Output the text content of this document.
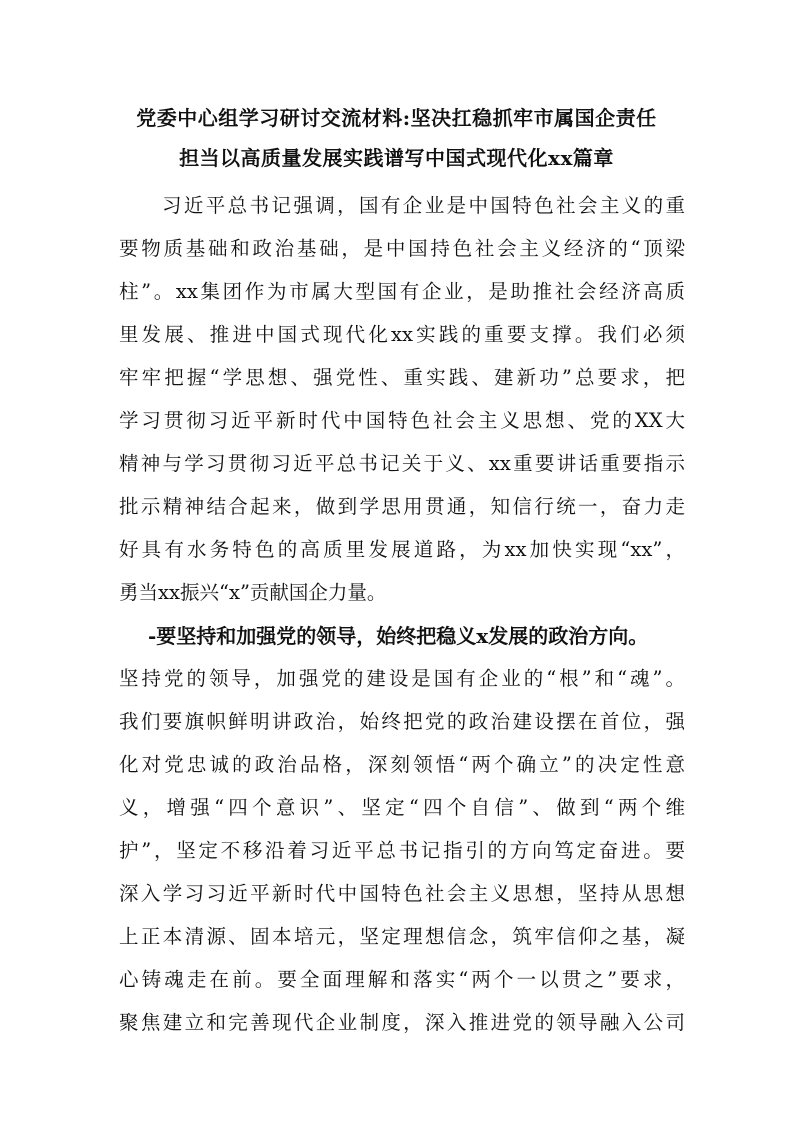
党委中心组学习研讨交流材料:坚决扛稳抓牢市属国企责任
担当以高质量发展实践谱写中国式现代化xx篇章
习近平总书记强调，国有企业是中国特色社会主义的重
要物质基础和政治基础，是中国持色社会主义经济的“顶梁
柱”。xx集团作为市属大型国有企业，是助推社会经济高质
里发展、推进中国式现代化xx实践的重要支撑。我们必须
牢牢把握“学思想、强党性、重实践、建新功”总要求，把
学习贯彻习近平新时代中国特色社会主义思想、党的XX大
精神与学习贯彻习近平总书记关于义、xx重要讲话重要指示
批示精神结合起来，做到学思用贯通，知信行统一，奋力走
好具有水务特色的高质里发展道路，为xx加快实现“xx”，
勇当xx振兴“x”贡献国企力量。
-要坚持和加强党的领导，始终把稳义x发展的政治方向。
坚持党的领导，加强党的建设是国有企业的“根”和“魂”。
我们要旗帜鲜明讲政治，始终把党的政治建设摆在首位，强
化对党忠诚的政治品格，深刻领悟“两个确立”的决定性意
义，增强“四个意识”、坚定“四个自信”、做到“两个维
护”，坚定不移沿着习近平总书记指引的方向笃定奋进。要
深入学习习近平新时代中国特色社会主义思想，坚持从思想
上正本清源、固本培元，坚定理想信念，筑牢信仰之基，凝
心铸魂走在前。要全面理解和落实“两个一以贯之”要求，
聚焦建立和完善现代企业制度，深入推进党的领导融入公司
